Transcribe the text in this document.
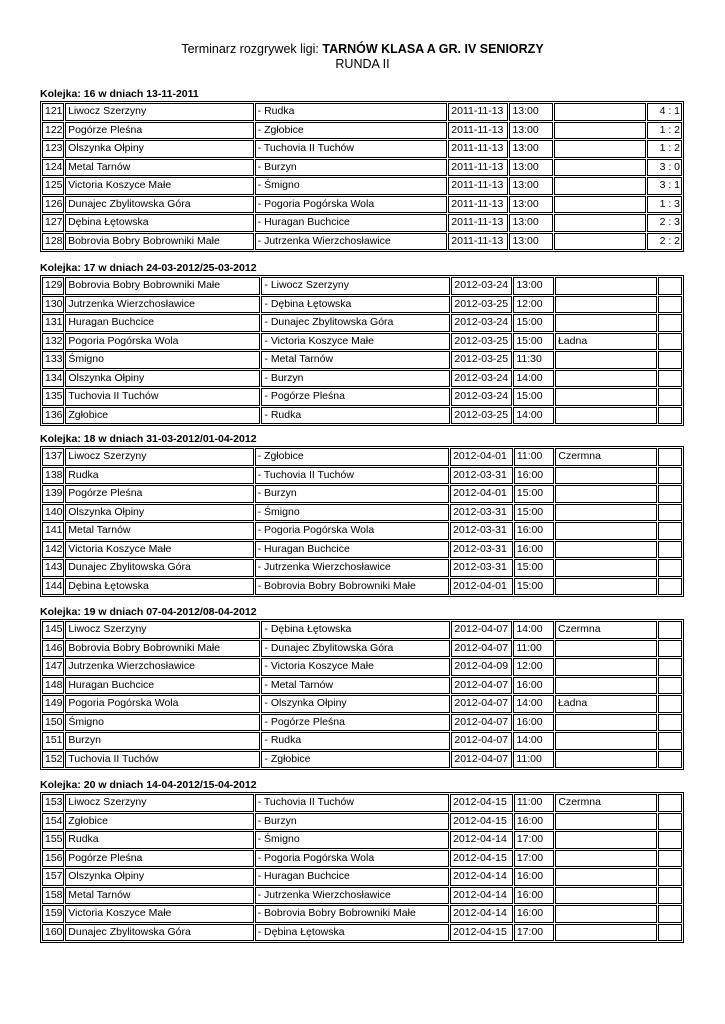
Terminarz rozgrywek ligi: TARNÓW KLASA A GR. IV SENIORZY
RUNDA II
Kolejka: 16 w dniach 13-11-2011
121	Liwocz Szerzyny	- Rudka	2011-11-13	13:00		4 : 1
122	Pogórze Pleśna	- Zgłobice	2011-11-13	13:00		1 : 2
123	Olszynka Ołpiny	- Tuchovia II Tuchów	2011-11-13	13:00		1 : 2
124	Metal Tarnów	- Burzyn	2011-11-13	13:00		3 : 0
125	Victoria Koszyce Małe	- Śmigno	2011-11-13	13:00		3 : 1
126	Dunajec Zbylitowska Góra	- Pogoria Pogórska Wola	2011-11-13	13:00		1 : 3
127	Dębina Łętowska	- Huragan Buchcice	2011-11-13	13:00		2 : 3
128	Bobrovia Bobry Bobrowniki Małe	- Jutrzenka Wierzchosławice	2011-11-13	13:00		2 : 2
Kolejka: 17 w dniach 24-03-2012/25-03-2012
129	Bobrovia Bobry Bobrowniki Małe	- Liwocz Szerzyny	2012-03-24	13:00		
130	Jutrzenka Wierzchosławice	- Dębina Łętowska	2012-03-25	12:00		
131	Huragan Buchcice	- Dunajec Zbylitowska Góra	2012-03-24	15:00		
132	Pogoria Pogórska Wola	- Victoria Koszyce Małe	2012-03-25	15:00	Ładna	
133	Śmigno	- Metal Tarnów	2012-03-25	11:30		
134	Olszynka Ołpiny	- Burzyn	2012-03-24	14:00		
135	Tuchovia II Tuchów	- Pogórze Pleśna	2012-03-24	15:00		
136	Zgłobice	- Rudka	2012-03-25	14:00		
Kolejka: 18 w dniach 31-03-2012/01-04-2012
137	Liwocz Szerzyny	- Zgłobice	2012-04-01	11:00	Czermna	
138	Rudka	- Tuchovia II Tuchów	2012-03-31	16:00		
139	Pogórze Pleśna	- Burzyn	2012-04-01	15:00		
140	Olszynka Ołpiny	- Śmigno	2012-03-31	15:00		
141	Metal Tarnów	- Pogoria Pogórska Wola	2012-03-31	16:00		
142	Victoria Koszyce Małe	- Huragan Buchcice	2012-03-31	16:00		
143	Dunajec Zbylitowska Góra	- Jutrzenka Wierzchosławice	2012-03-31	15:00		
144	Dębina Łętowska	- Bobrovia Bobry Bobrowniki Małe	2012-04-01	15:00		
Kolejka: 19 w dniach 07-04-2012/08-04-2012
145	Liwocz Szerzyny	- Dębina Łętowska	2012-04-07	14:00	Czermna	
146	Bobrovia Bobry Bobrowniki Małe	- Dunajec Zbylitowska Góra	2012-04-07	11:00		
147	Jutrzenka Wierzchosławice	- Victoria Koszyce Małe	2012-04-09	12:00		
148	Huragan Buchcice	- Metal Tarnów	2012-04-07	16:00		
149	Pogoria Pogórska Wola	- Olszynka Ołpiny	2012-04-07	14:00	Ładna	
150	Śmigno	- Pogórze Pleśna	2012-04-07	16:00		
151	Burzyn	- Rudka	2012-04-07	14:00		
152	Tuchovia II Tuchów	- Zgłobice	2012-04-07	11:00		
Kolejka: 20 w dniach 14-04-2012/15-04-2012
153	Liwocz Szerzyny	- Tuchovia II Tuchów	2012-04-15	11:00	Czermna	
154	Zgłobice	- Burzyn	2012-04-15	16:00		
155	Rudka	- Śmigno	2012-04-14	17:00		
156	Pogórze Pleśna	- Pogoria Pogórska Wola	2012-04-15	17:00		
157	Olszynka Ołpiny	- Huragan Buchcice	2012-04-14	16:00		
158	Metal Tarnów	- Jutrzenka Wierzchosławice	2012-04-14	16:00		
159	Victoria Koszyce Małe	- Bobrovia Bobry Bobrowniki Małe	2012-04-14	16:00		
160	Dunajec Zbylitowska Góra	- Dębina Łętowska	2012-04-15	17:00		
